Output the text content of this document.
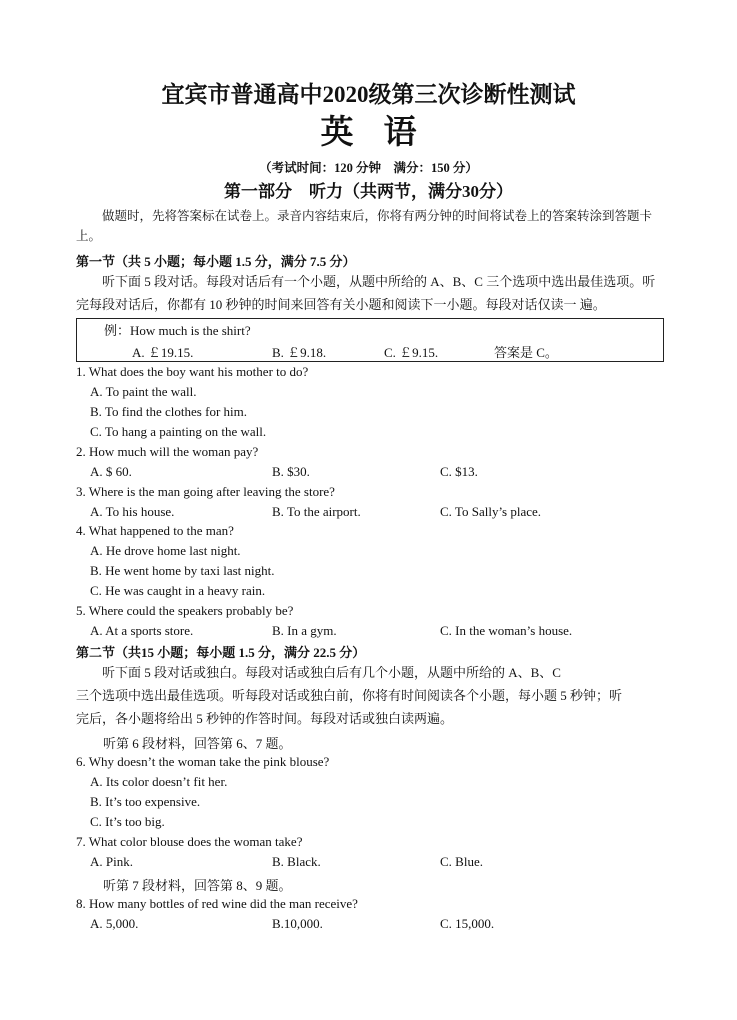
宜宾市普通高中2020级第三次诊断性测试
英语
（考试时间：120 分钟　满分：150 分）
第一部分　听力（共两节，满分30分）
做题时，先将答案标在试卷上。录音内容结束后，你将有两分钟的时间将试卷上的答案转涂到答题卡上。
第一节（共 5 小题；每小题 1.5 分，满分 7.5 分）
听下面 5 段对话。每段对话后有一个小题，从题中所给的 A、B、C 三个选项中选出最佳选项。听
完每段对话后，你都有 10 秒钟的时间来回答有关小题和阅读下一小题。每段对话仅读一 遍。
例：How much is the shirt?
A. ￡19.15.	B. ￡9.18.	C. ￡9.15.	答案是 C。
1. What does the boy want his mother to do?
A. To paint the wall.
B. To find the clothes for him.
C. To hang a painting on the wall.
2. How much will the woman pay?
A. $ 60.	B. $30.	C. $13.
3. Where is the man going after leaving the store?
A. To his house.	B. To the airport.	C. To Sally’s place.
4. What happened to the man?
A. He drove home last night.
B. He went home by taxi last night.
C. He was caught in a heavy rain.
5. Where could the speakers probably be?
A. At a sports store.	B. In a gym.	C. In the woman’s house.
第二节（共15 小题；每小题 1.5 分，满分 22.5 分）
听下面 5 段对话或独白。每段对话或独白后有几个小题，从题中所给的 A、B、C
三个选项中选出最佳选项。听每段对话或独白前，你将有时间阅读各个小题，每小题 5 秒钟；听
完后，各小题将给出 5 秒钟的作答时间。每段对话或独白读两遍。
听第 6 段材料，回答第 6、7 题。
6. Why doesn’t the woman take the pink blouse?
A. Its color doesn’t fit her.
B. It’s too expensive.
C. It’s too big.
7. What color blouse does the woman take?
A. Pink.	B. Black.	C. Blue.
听第 7 段材料，回答第 8、9 题。
8. How many bottles of red wine did the man receive?
A. 5,000.	B.10,000.	C. 15,000.
